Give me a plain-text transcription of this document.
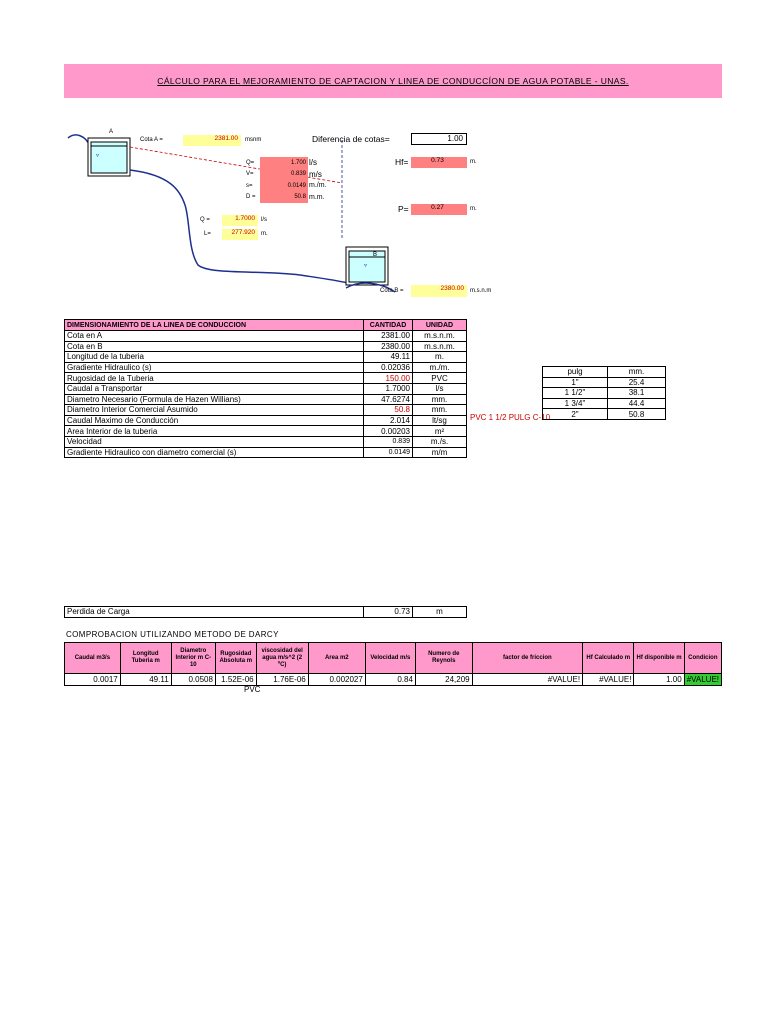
CÁLCULO PARA EL MEJORAMIENTO DE CAPTACION Y LINEA DE CONDUCCÍON DE AGUA POTABLE - UNAS.
A
▿
B
▿
Cota A =	2381.00	msnm	Diferencia de cotas=	1.00
Hf=	0.73	m.
P=	0.27	m.
Q=	1.700 l/s
V=	0.839 m/s
s=	0.0149 m./m.
D =	50.8 m.m.
Q =	1.7000	l/s
L=	277.920	m.
Cota B =	2380.00	m.s.n.m
DIMENSIONAMIENTO DE LA LINEA DE CONDUCCION	CANTIDAD	UNIDAD
Cota en A	2381.00	m.s.n.m.
Cota en B	2380.00	m.s.n.m.
Longitud de la tuberia	49.11	m.
Gradiente Hidraulico (s)	0.02036	m./m.
Rugosidad de la Tuberia	150.00	PVC
Caudal a Transportar	1.7000	l/s
Diametro Necesario (Formula de Hazen Willians)	47.6274	mm.
Diametro Interior Comercial Asumido	50.8	mm.
Caudal Maximo de Conducción	2.014	lt/sg
Area Interior de la tuberia	0.00203	m²
Velocidad	0.839	m./s.
Gradiente Hidraulico con diametro comercial (s)	0.0149	m/m
PVC 1 1/2 PULG C-10
pulg	mm.
1"	25.4
1 1/2"	38.1
1 3/4"	44.4
2"	50.8
Perdida de Carga	0.73	m
COMPROBACION UTILIZANDO METODO DE DARCY
Caudal m3/s	Longitud Tuberia m	Diametro Interior m C-10	Rugosidad Absoluta m	viscosidad del agua m/s^2 (2 ºC)	Area m2	Velocidad m/s	Numero de Reynols	factor de friccion	Hf Calculado m	Hf disponible m	Condicion
0.0017	49.11	0.0508	1.52E-06	1.76E-06	0.002027	0.84	24,209	#VALUE!	#VALUE!	1.00	#VALUE!
PVC
